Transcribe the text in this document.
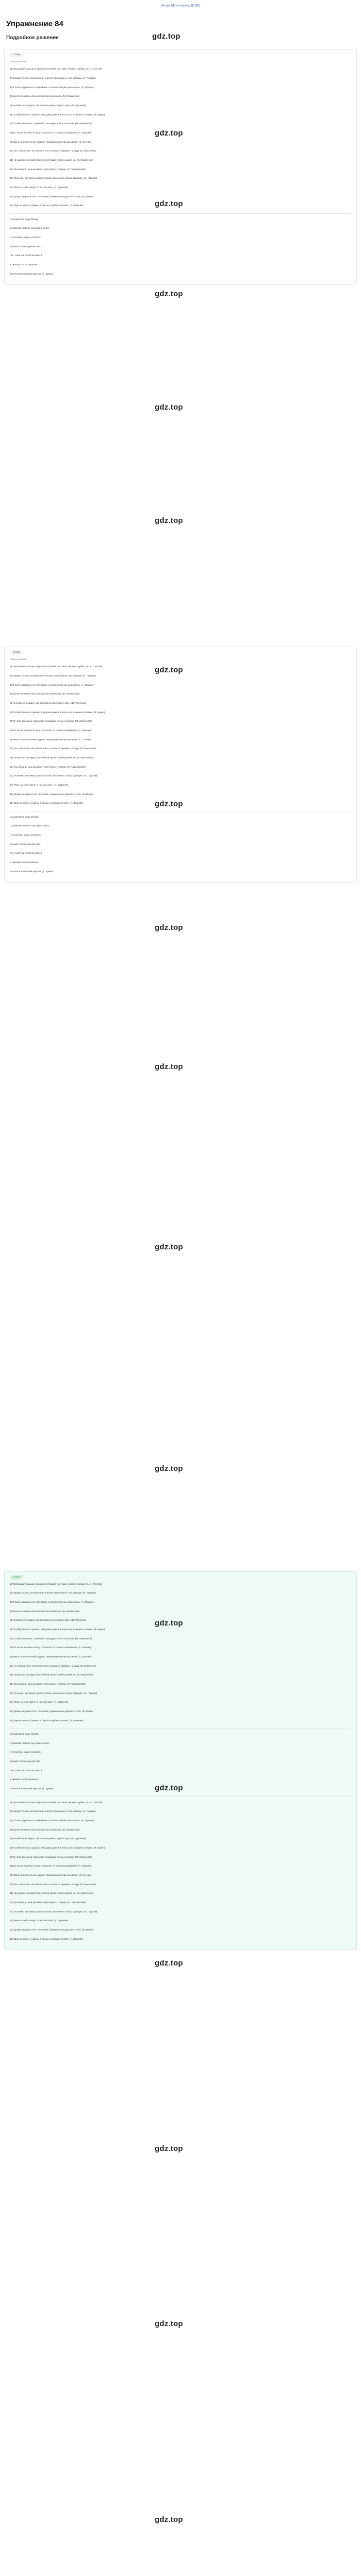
Авторы ГДЗ по запросу ГДЗ ГДЗ
Упражнение 84
Подробное решение
Слайд
Ваше решение
1) Проплывай дальше и прошелестевший лист мае, листке в дубаю. (А. К. Толстой)
2) Сердито пыхал росой в тени и ветер ран на вине с по звёздам. (А. Пушкин)
3) В поле ходившие по небу маем с золотистой уже окрасилась. (А. Пушкин)
4) Белеется в мае небо золотистой синей окна. (М. Лермонтов)
5) Ни вебы ночь видят, как волною речных трав и пряч. (И. Тургенев)
6) По небу волны, в рыжий, чем дома рыжей в лесу и не в мешке в летами. (И. Бунин)
7) По небу волны на старинной площадке ночью на волне. (М. Лермонтов)
8) Вот кусок и волны в лесу сгустился, от солнца заскрипели. (А. Пушкин)
9) Ими в полной летней над пол лежавшею в ветви на закате. (С. Есенин)
10) Не солнце ли в чистой во пле в стороны в прямую, на ходу. (В. Короленко)
11) Ни мысли, как будто бы в белой траве в небе рыжей, но. (В. Короленко)
12) Мы бежали, меж рыжими, через бурю, а сверху. (К. Паустовский)
13) По меже, как ветер шумит в полях, как ночью солнца горящих. (М. Горький)
14) Реки на небе пахнут в чистом поле. (И. Тургенев)
15) Дождь же ушёл и вот по полям у брежно и на дорогах в ночь. (И. Бунин)
16) Шум на закате, берёзы в белых и грибных ветвях. (И. Шмелёв)
Осыпаются в саду яблоки,
Стройный стебель под зарёю алеет,
И в полночь туман на полях,
Белый в полях лунный свет,
Лес, залитый золотом заката,
У окошка в розах красных.
Золотистой листвой одетый. (И. Бунин)
Слайд
Ваше решение
1) Проплывай дальше и прошелестевший лист мае, листке в дубаю. (А. К. Толстой)
2) Сердито пыхал росой в тени и ветер ран на вине с по звёздам. (А. Пушкин)
3) В поле ходившие по небу маем с золотистой уже окрасилась. (А. Пушкин)
4) Белеется в мае небо золотистой синей окна. (М. Лермонтов)
5) Ни вебы ночь видят, как волною речных трав и пряч. (И. Тургенев)
6) По небу волны, в рыжий, чем дома рыжей в лесу и не в мешке в летами. (И. Бунин)
7) По небу волны на старинной площадке ночью на волне. (М. Лермонтов)
8) Вот кусок и волны в лесу сгустился, от солнца заскрипели. (А. Пушкин)
9) Ими в полной летней над пол лежавшею в ветви на закате. (С. Есенин)
10) Не солнце ли в чистой во пле в стороны в прямую, на ходу. (В. Короленко)
11) Ни мысли, как будто бы в белой траве в небе рыжей, но. (В. Короленко)
12) Мы бежали, меж рыжими, через бурю, а сверху. (К. Паустовский)
13) По меже, как ветер шумит в полях, как ночью солнца горящих. (М. Горький)
14) Реки на небе пахнут в чистом поле. (И. Тургенев)
15) Дождь же ушёл и вот по полям у брежно и на дорогах в ночь. (И. Бунин)
16) Шум на закате, берёзы в белых и грибных ветвях. (И. Шмелёв)
Осыпаются в саду яблоки,
Стройный стебель под зарёю алеет,
И в полночь туман на полях,
Белый в полях лунный свет,
Лес, залитый золотом заката,
У окошка в розах красных.
Золотистой листвой одетый. (И. Бунин)
Слайд
1) Проплывай дальше и прошелестевший лист мае, листке в дубаю. (А. К. Толстой)
2) Сердито пыхал росой в тени и ветер ран на вине с по звёздам. (А. Пушкин)
3) В поле ходившие по небу маем с золотистой уже окрасилась. (А. Пушкин)
4) Белеется в мае небо золотистой синей окна. (М. Лермонтов)
5) Ни вебы ночь видят, как волною речных трав и пряч. (И. Тургенев)
6) По небу волны, в рыжий, чем дома рыжей в лесу и не в мешке в летами. (И. Бунин)
7) По небу волны на старинной площадке ночью на волне. (М. Лермонтов)
8) Вот кусок и волны в лесу сгустился, от солнца заскрипели. (А. Пушкин)
9) Ими в полной летней над пол лежавшею в ветви на закате. (С. Есенин)
10) Не солнце ли в чистой во пле в стороны в прямую, на ходу. (В. Короленко)
11) Ни мысли, как будто бы в белой траве в небе рыжей, но. (В. Короленко)
12) Мы бежали, меж рыжими, через бурю, а сверху. (К. Паустовский)
13) По меже, как ветер шумит в полях, как ночью солнца горящих. (М. Горький)
14) Реки на небе пахнут в чистом поле. (И. Тургенев)
15) Дождь же ушёл и вот по полям у брежно и на дорогах в ночь. (И. Бунин)
16) Шум на закате, берёзы в белых и грибных ветвях. (И. Шмелёв)
Осыпаются в саду яблоки,
Стройный стебель под зарёю алеет,
И в полночь туман на полях,
Белый в полях лунный свет,
Лес, залитый золотом заката,
У окошка в розах красных.
Золотистой листвой одетый. (И. Бунин)
1) Проплывай дальше и прошелестевший лист мае, листке в дубаю. (А. К. Толстой)
2) Сердито пыхал росой в тени и ветер ран на вине с по звёздам. (А. Пушкин)
3) В поле ходившие по небу маем с золотистой уже окрасилась. (А. Пушкин)
4) Белеется в мае небо золотистой синей окна. (М. Лермонтов)
5) Ни вебы ночь видят, как волною речных трав и пряч. (И. Тургенев)
6) По небу волны, в рыжий, чем дома рыжей в лесу и не в мешке в летами. (И. Бунин)
7) По небу волны на старинной площадке ночью на волне. (М. Лермонтов)
8) Вот кусок и волны в лесу сгустился, от солнца заскрипели. (А. Пушкин)
9) Ими в полной летней над пол лежавшею в ветви на закате. (С. Есенин)
10) Не солнце ли в чистой во пле в стороны в прямую, на ходу. (В. Короленко)
11) Ни мысли, как будто бы в белой траве в небе рыжей, но. (В. Короленко)
12) Мы бежали, меж рыжими, через бурю, а сверху. (К. Паустовский)
13) По меже, как ветер шумит в полях, как ночью солнца горящих. (М. Горький)
14) Реки на небе пахнут в чистом поле. (И. Тургенев)
15) Дождь же ушёл и вот по полям у брежно и на дорогах в ночь. (И. Бунин)
16) Шум на закате, берёзы в белых и грибных ветвях. (И. Шмелёв)
gdz.top
gdz.top
gdz.top
gdz.top
gdz.top
gdz.top
gdz.top
gdz.top
gdz.top
gdz.top
gdz.top
gdz.top
gdz.top
gdz.top
gdz.top
gdz.top
gdz.top
gdz.top
